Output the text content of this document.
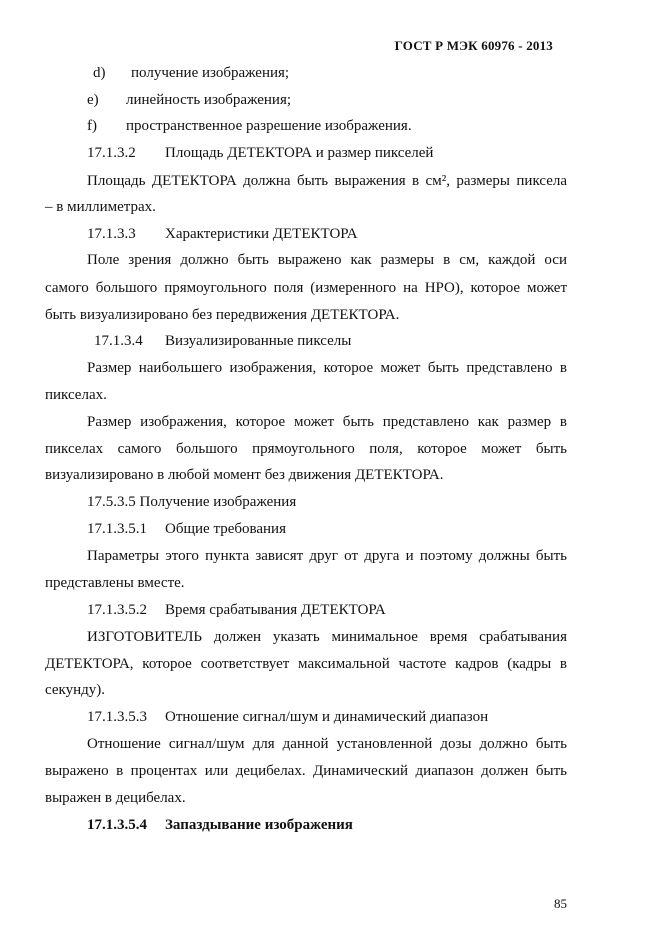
ГОСТ Р МЭК 60976 - 2013
d) получение изображения;
e) линейность изображения;
f) пространственное разрешение изображения.
17.1.3.2 Площадь ДЕТЕКТОРА и размер пикселей
Площадь ДЕТЕКТОРА должна быть выражения в см², размеры пиксела
– в миллиметрах.
17.1.3.3 Характеристики ДЕТЕКТОРА
Поле зрения должно быть выражено как размеры в см, каждой оси
самого большого прямоугольного поля (измеренного на НРО), которое может
быть визуализировано без передвижения ДЕТЕКТОРА.
17.1.3.4 Визуализированные пикселы
Размер наибольшего изображения, которое может быть представлено в
пикселах.
Размер изображения, которое может быть представлено как размер в
пикселах самого большого прямоугольного поля, которое может быть
визуализировано в любой момент без движения ДЕТЕКТОРА.
17.5.3.5 Получение изображения
17.1.3.5.1 Общие требования
Параметры этого пункта зависят друг от друга и поэтому должны быть
представлены вместе.
17.1.3.5.2 Время срабатывания ДЕТЕКТОРА
ИЗГОТОВИТЕЛЬ должен указать минимальное время срабатывания
ДЕТЕКТОРА, которое соответствует максимальной частоте кадров (кадры в
секунду).
17.1.3.5.3 Отношение сигнал/шум и динамический диапазон
Отношение сигнал/шум для данной установленной дозы должно быть
выражено в процентах или децибелах. Динамический диапазон должен быть
выражен в децибелах.
17.1.3.5.4 Запаздывание изображения
85
